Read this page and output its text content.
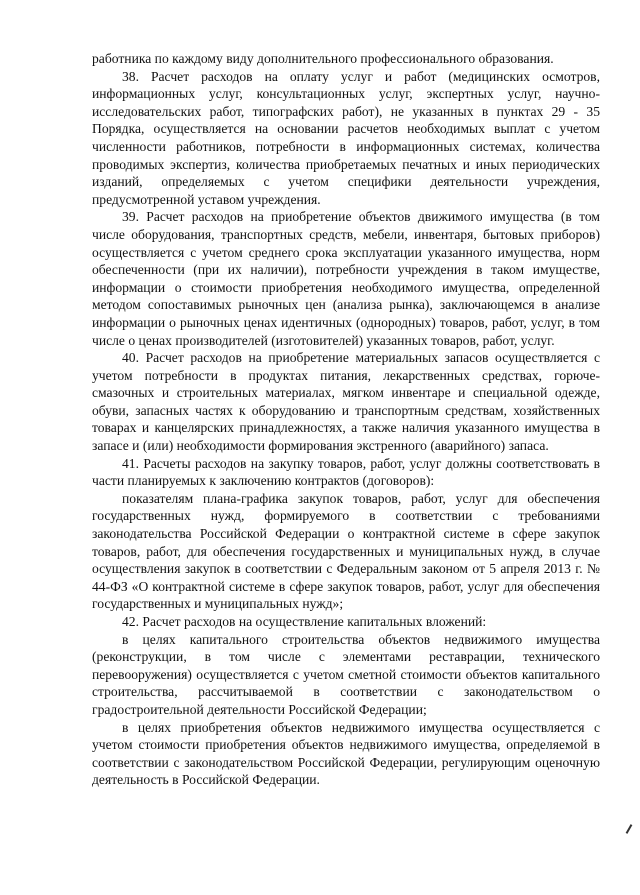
работника по каждому виду дополнительного профессионального образования.

38. Расчет расходов на оплату услуг и работ (медицинских осмотров, информационных услуг, консультационных услуг, экспертных услуг, научно-исследовательских работ, типографских работ), не указанных в пунктах 29 - 35 Порядка, осуществляется на основании расчетов необходимых выплат с учетом численности работников, потребности в информационных системах, количества проводимых экспертиз, количества приобретаемых печатных и иных периодических изданий, определяемых с учетом специфики деятельности учреждения, предусмотренной уставом учреждения.

39. Расчет расходов на приобретение объектов движимого имущества (в том числе оборудования, транспортных средств, мебели, инвентаря, бытовых приборов) осуществляется с учетом среднего срока эксплуатации указанного имущества, норм обеспеченности (при их наличии), потребности учреждения в таком имуществе, информации о стоимости приобретения необходимого имущества, определенной методом сопоставимых рыночных цен (анализа рынка), заключающемся в анализе информации о рыночных ценах идентичных (однородных) товаров, работ, услуг, в том числе о ценах производителей (изготовителей) указанных товаров, работ, услуг.

40. Расчет расходов на приобретение материальных запасов осуществляется с учетом потребности в продуктах питания, лекарственных средствах, горюче-смазочных и строительных материалах, мягком инвентаре и специальной одежде, обуви, запасных частях к оборудованию и транспортным средствам, хозяйственных товарах и канцелярских принадлежностях, а также наличия указанного имущества в запасе и (или) необходимости формирования экстренного (аварийного) запаса.

41. Расчеты расходов на закупку товаров, работ, услуг должны соответствовать в части планируемых к заключению контрактов (договоров):

показателям плана-графика закупок товаров, работ, услуг для обеспечения государственных нужд, формируемого в соответствии с требованиями законодательства Российской Федерации о контрактной системе в сфере закупок товаров, работ, для обеспечения государственных и муниципальных нужд, в случае осуществления закупок в соответствии с Федеральным законом от 5 апреля 2013 г. № 44-ФЗ «О контрактной системе в сфере закупок товаров, работ, услуг для обеспечения государственных и муниципальных нужд»;

42. Расчет расходов на осуществление капитальных вложений:

в целях капитального строительства объектов недвижимого имущества (реконструкции, в том числе с элементами реставрации, технического перевооружения) осуществляется с учетом сметной стоимости объектов капитального строительства, рассчитываемой в соответствии с законодательством о градостроительной деятельности Российской Федерации;

в целях приобретения объектов недвижимого имущества осуществляется с учетом стоимости приобретения объектов недвижимого имущества, определяемой в соответствии с законодательством Российской Федерации, регулирующим оценочную деятельность в Российской Федерации.
